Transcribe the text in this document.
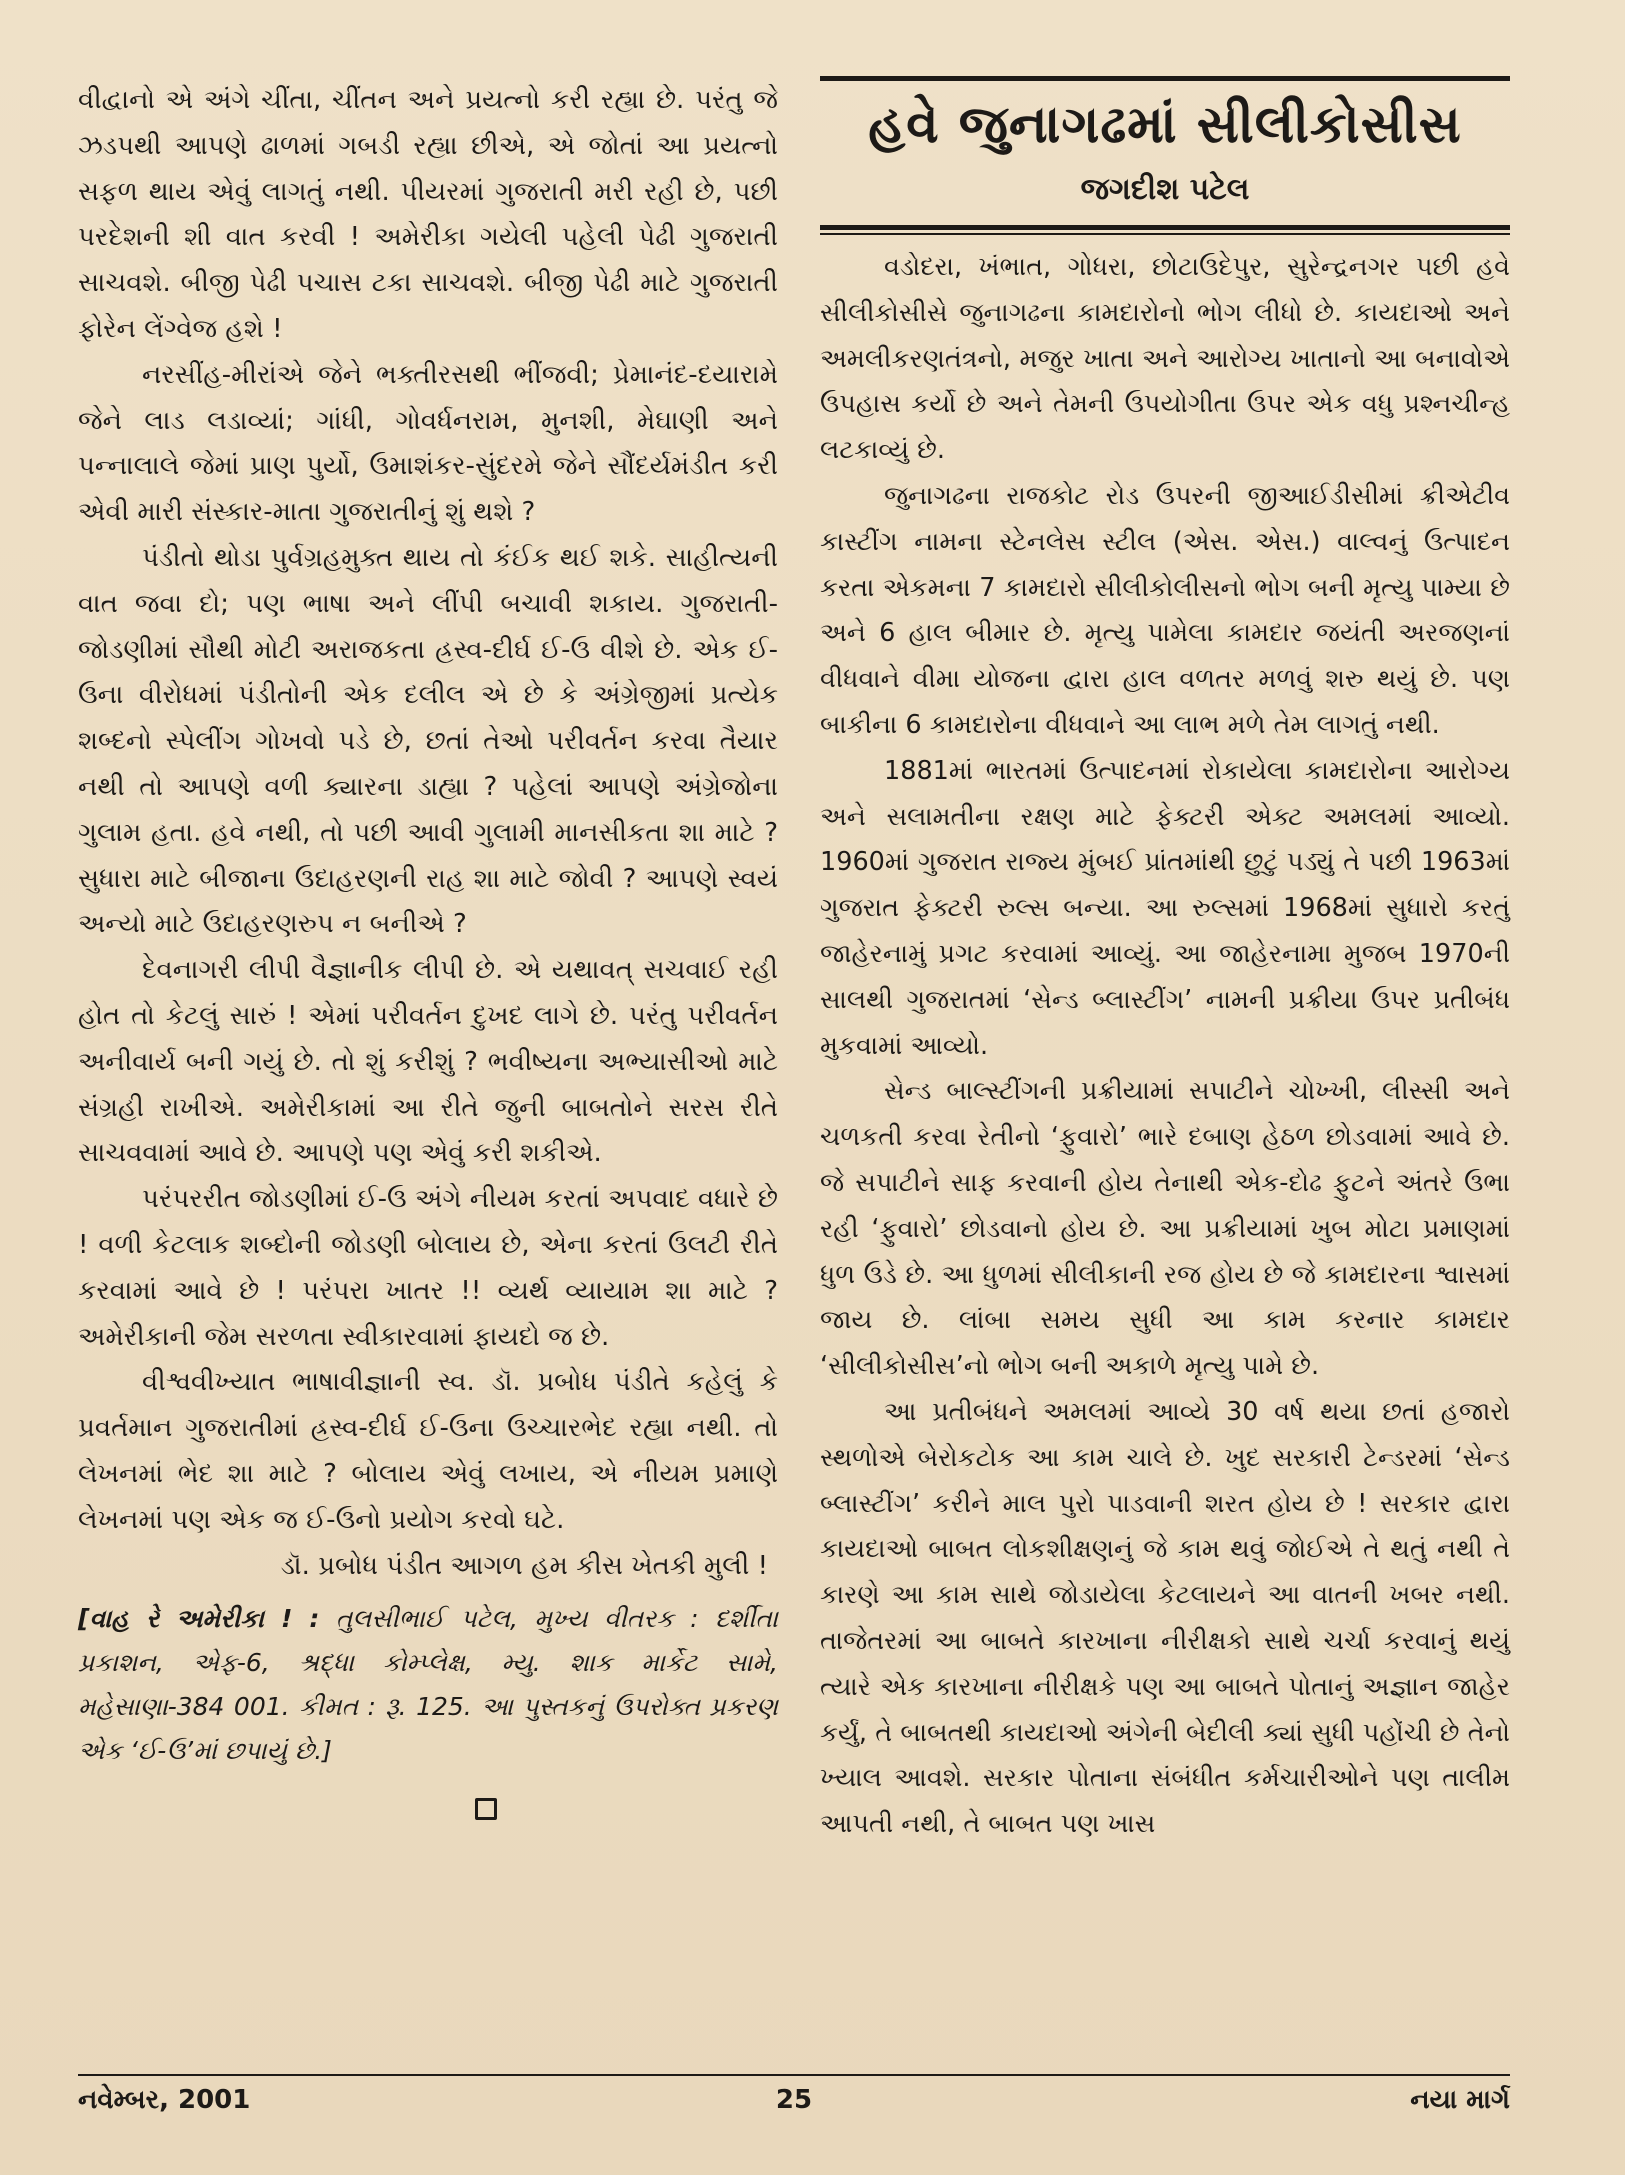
વીદ્વાનો એ અંગે ચીંતા, ચીંતન અને પ્રયત્નો કરી રહ્યા છે. પરંતુ જે ઝડપથી આપણે ઢાળમાં ગબડી રહ્યા છીએ, એ જોતાં આ પ્રયત્નો સફળ થાય એવું લાગતું નથી. પીયરમાં ગુજરાતી મરી રહી છે, પછી પરદેશની શી વાત કરવી ! અમેરીકા ગયેલી પહેલી પેઢી ગુજરાતી સાચવશે. બીજી પેઢી પચાસ ટકા સાચવશે. બીજી પેઢી માટે ગુજરાતી ફોરેન લેંગ્વેજ હશે !

નરસીંહ-મીરાંએ જેને ભક્તીરસથી ભીંજવી; પ્રેમાનંદ-દયારામે જેને લાડ લડાવ્યાં; ગાંધી, ગોવર્ધનરામ, મુનશી, મેઘાણી અને પન્નાલાલે જેમાં પ્રાણ પુર્યો, ઉમાશંકર-સુંદરમે જેને સૌંદર્યમંડીત કરી એવી મારી સંસ્કાર-માતા ગુજરાતીનું શું થશે ?

પંડીતો થોડા પુર્વગ્રહમુક્ત થાય તો કંઈક થઈ શકે. સાહીત્યની વાત જવા દો; પણ ભાષા અને લીંપી બચાવી શકાય. ગુજરાતી-જોડણીમાં સૌથી મોટી અરાજકતા હ્રસ્વ-દીર્ઘ ઈ-ઉ વીશે છે. એક ઈ-ઉના વીરોધમાં પંડીતોની એક દલીલ એ છે કે અંગ્રેજીમાં પ્રત્યેક શબ્દનો સ્પેલીંગ ગોખવો પડે છે, છતાં તેઓ પરીવર્તન કરવા તૈયાર નથી તો આપણે વળી ક્યારના ડાહ્યા ? પહેલાં આપણે અંગ્રેજોના ગુલામ હતા. હવે નથી, તો પછી આવી ગુલામી માનસીકતા શા માટે ? સુધારા માટે બીજાના ઉદાહરણની રાહ શા માટે જોવી ? આપણે સ્વયં અન્યો માટે ઉદાહરણરુપ ન બનીએ ?

દેવનાગરી લીપી વૈજ્ઞાનીક લીપી છે. એ યથાવત્ સચવાઈ રહી હોત તો કેટલું સારું ! એમાં પરીવર્તન દુખદ લાગે છે. પરંતુ પરીવર્તન અનીવાર્ય બની ગયું છે. તો શું કરીશું ? ભવીષ્યના અભ્યાસીઓ માટે સંગ્રહી રાખીએ. અમેરીકામાં આ રીતે જુની બાબતોને સરસ રીતે સાચવવામાં આવે છે. આપણે પણ એવું કરી શકીએ.

પરંપરરીત જોડણીમાં ઈ-ઉ અંગે નીયમ કરતાં અપવાદ વધારે છે ! વળી કેટલાક શબ્દોની જોડણી બોલાય છે, એના કરતાં ઉલટી રીતે કરવામાં આવે છે ! પરંપરા ખાતર !! વ્યર્થ વ્યાયામ શા માટે ? અમેરીકાની જેમ સરળતા સ્વીકારવામાં ફાયદો જ છે.

વીશ્વવીખ્યાત ભાષાવીજ્ઞાની સ્વ. ડૉ. પ્રબોધ પંડીતે કહેલું કે પ્રવર્તમાન ગુજરાતીમાં હ્રસ્વ-દીર્ઘ ઈ-ઉના ઉચ્ચારભેદ રહ્યા નથી. તો લેખનમાં ભેદ શા માટે ? બોલાય એવું લખાય, એ નીયમ પ્રમાણે લેખનમાં પણ એક જ ઈ-ઉનો પ્રયોગ કરવો ઘટે.

ડૉ. પ્રબોધ પંડીત આગળ હમ કીસ ખેતકી મુલી !

[વાહ રે અમેરીકા ! : તુલસીભાઈ પટેલ, મુખ્ય વીતરક : દર્શીતા પ્રકાશન, એફ-6, શ્રદ્ધા કોમ્પ્લેક્ષ, મ્યુ. શાક માર્કેટ સામે, મહેસાણા-384 001. કીમત : રૂ. 125. આ પુસ્તકનું ઉપરોક્ત પ્રકરણ એક ‘ઈ-ઉ’માં છપાયું છે.]

હવે જુનાગઢમાં સીલીકોસીસ
જગદીશ પટેલ

વડોદરા, ખંભાત, ગોધરા, છોટાઉદેપુર, સુરેન્દ્રનગર પછી હવે સીલીકોસીસે જુનાગઢના કામદારોનો ભોગ લીધો છે. કાયદાઓ અને અમલીકરણતંત્રનો, મજુર ખાતા અને આરોગ્ય ખાતાનો આ બનાવોએ ઉપહાસ કર્યો છે અને તેમની ઉપયોગીતા ઉપર એક વધુ પ્રશ્નચીન્હ લટકાવ્યું છે.

જુનાગઢના રાજકોટ રોડ ઉપરની જીઆઈડીસીમાં ક્રીએટીવ કાસ્ટીંગ નામના સ્ટેનલેસ સ્ટીલ (એસ. એસ.) વાલ્વનું ઉત્પાદન કરતા એકમના 7 કામદારો સીલીકોલીસનો ભોગ બની મૃત્યુ પામ્યા છે અને 6 હાલ બીમાર છે. મૃત્યુ પામેલા કામદાર જયંતી અરજણનાં વીધવાને વીમા યોજના દ્વારા હાલ વળતર મળવું શરુ થયું છે. પણ બાકીના 6 કામદારોના વીધવાને આ લાભ મળે તેમ લાગતું નથી.

1881માં ભારતમાં ઉત્પાદનમાં રોકાયેલા કામદારોના આરોગ્ય અને સલામતીના રક્ષણ માટે ફેક્ટરી એક્ટ અમલમાં આવ્યો. 1960માં ગુજરાત રાજ્ય મુંબઈ પ્રાંતમાંથી છુટું પડ્યું તે પછી 1963માં ગુજરાત ફેક્ટરી રુલ્સ બન્યા. આ રુલ્સમાં 1968માં સુધારો કરતું જાહેરનામું પ્રગટ કરવામાં આવ્યું. આ જાહેરનામા મુજબ 1970ની સાલથી ગુજરાતમાં ‘સેન્ડ બ્લાસ્ટીંગ’ નામની પ્રક્રીયા ઉપર પ્રતીબંધ મુકવામાં આવ્યો.

સેન્ડ બાલ્સ્ટીંગની પ્રક્રીયામાં સપાટીને ચોખ્ખી, લીસ્સી અને ચળકતી કરવા રેતીનો ‘ફુવારો’ ભારે દબાણ હેઠળ છોડવામાં આવે છે. જે સપાટીને સાફ કરવાની હોય તેનાથી એક-દોઢ ફુટને અંતરે ઉભા રહી ‘ફુવારો’ છોડવાનો હોય છે. આ પ્રક્રીયામાં ખુબ મોટા પ્રમાણમાં ધુળ ઉડે છે. આ ધુળમાં સીલીકાની રજ હોય છે જે કામદારના શ્વાસમાં જાય છે. લાંબા સમય સુધી આ કામ કરનાર કામદાર ‘સીલીકોસીસ’નો ભોગ બની અકાળે મૃત્યુ પામે છે.

આ પ્રતીબંધને અમલમાં આવ્યે 30 વર્ષ થયા છતાં હજારો સ્થળોએ બેરોકટોક આ કામ ચાલે છે. ખુદ સરકારી ટેન્ડરમાં ‘સેન્ડ બ્લાસ્ટીંગ’ કરીને માલ પુરો પાડવાની શરત હોય છે ! સરકાર દ્વારા કાયદાઓ બાબત લોકશીક્ષણનું જે કામ થવું જોઈએ તે થતું નથી તે કારણે આ કામ સાથે જોડાયેલા કેટલાયને આ વાતની ખબર નથી. તાજેતરમાં આ બાબતે કારખાના નીરીક્ષકો સાથે ચર્ચા કરવાનું થયું ત્યારે એક કારખાના નીરીક્ષકે પણ આ બાબતે પોતાનું અજ્ઞાન જાહેર કર્યું, તે બાબતથી કાયદાઓ અંગેની બેદીલી ક્યાં સુધી પહોંચી છે તેનો ખ્યાલ આવશે. સરકાર પોતાના સંબંધીત કર્મચારીઓને પણ તાલીમ આપતી નથી, તે બાબત પણ ખાસ

નવેમ્બર, 2001	25	નયા માર્ગ
